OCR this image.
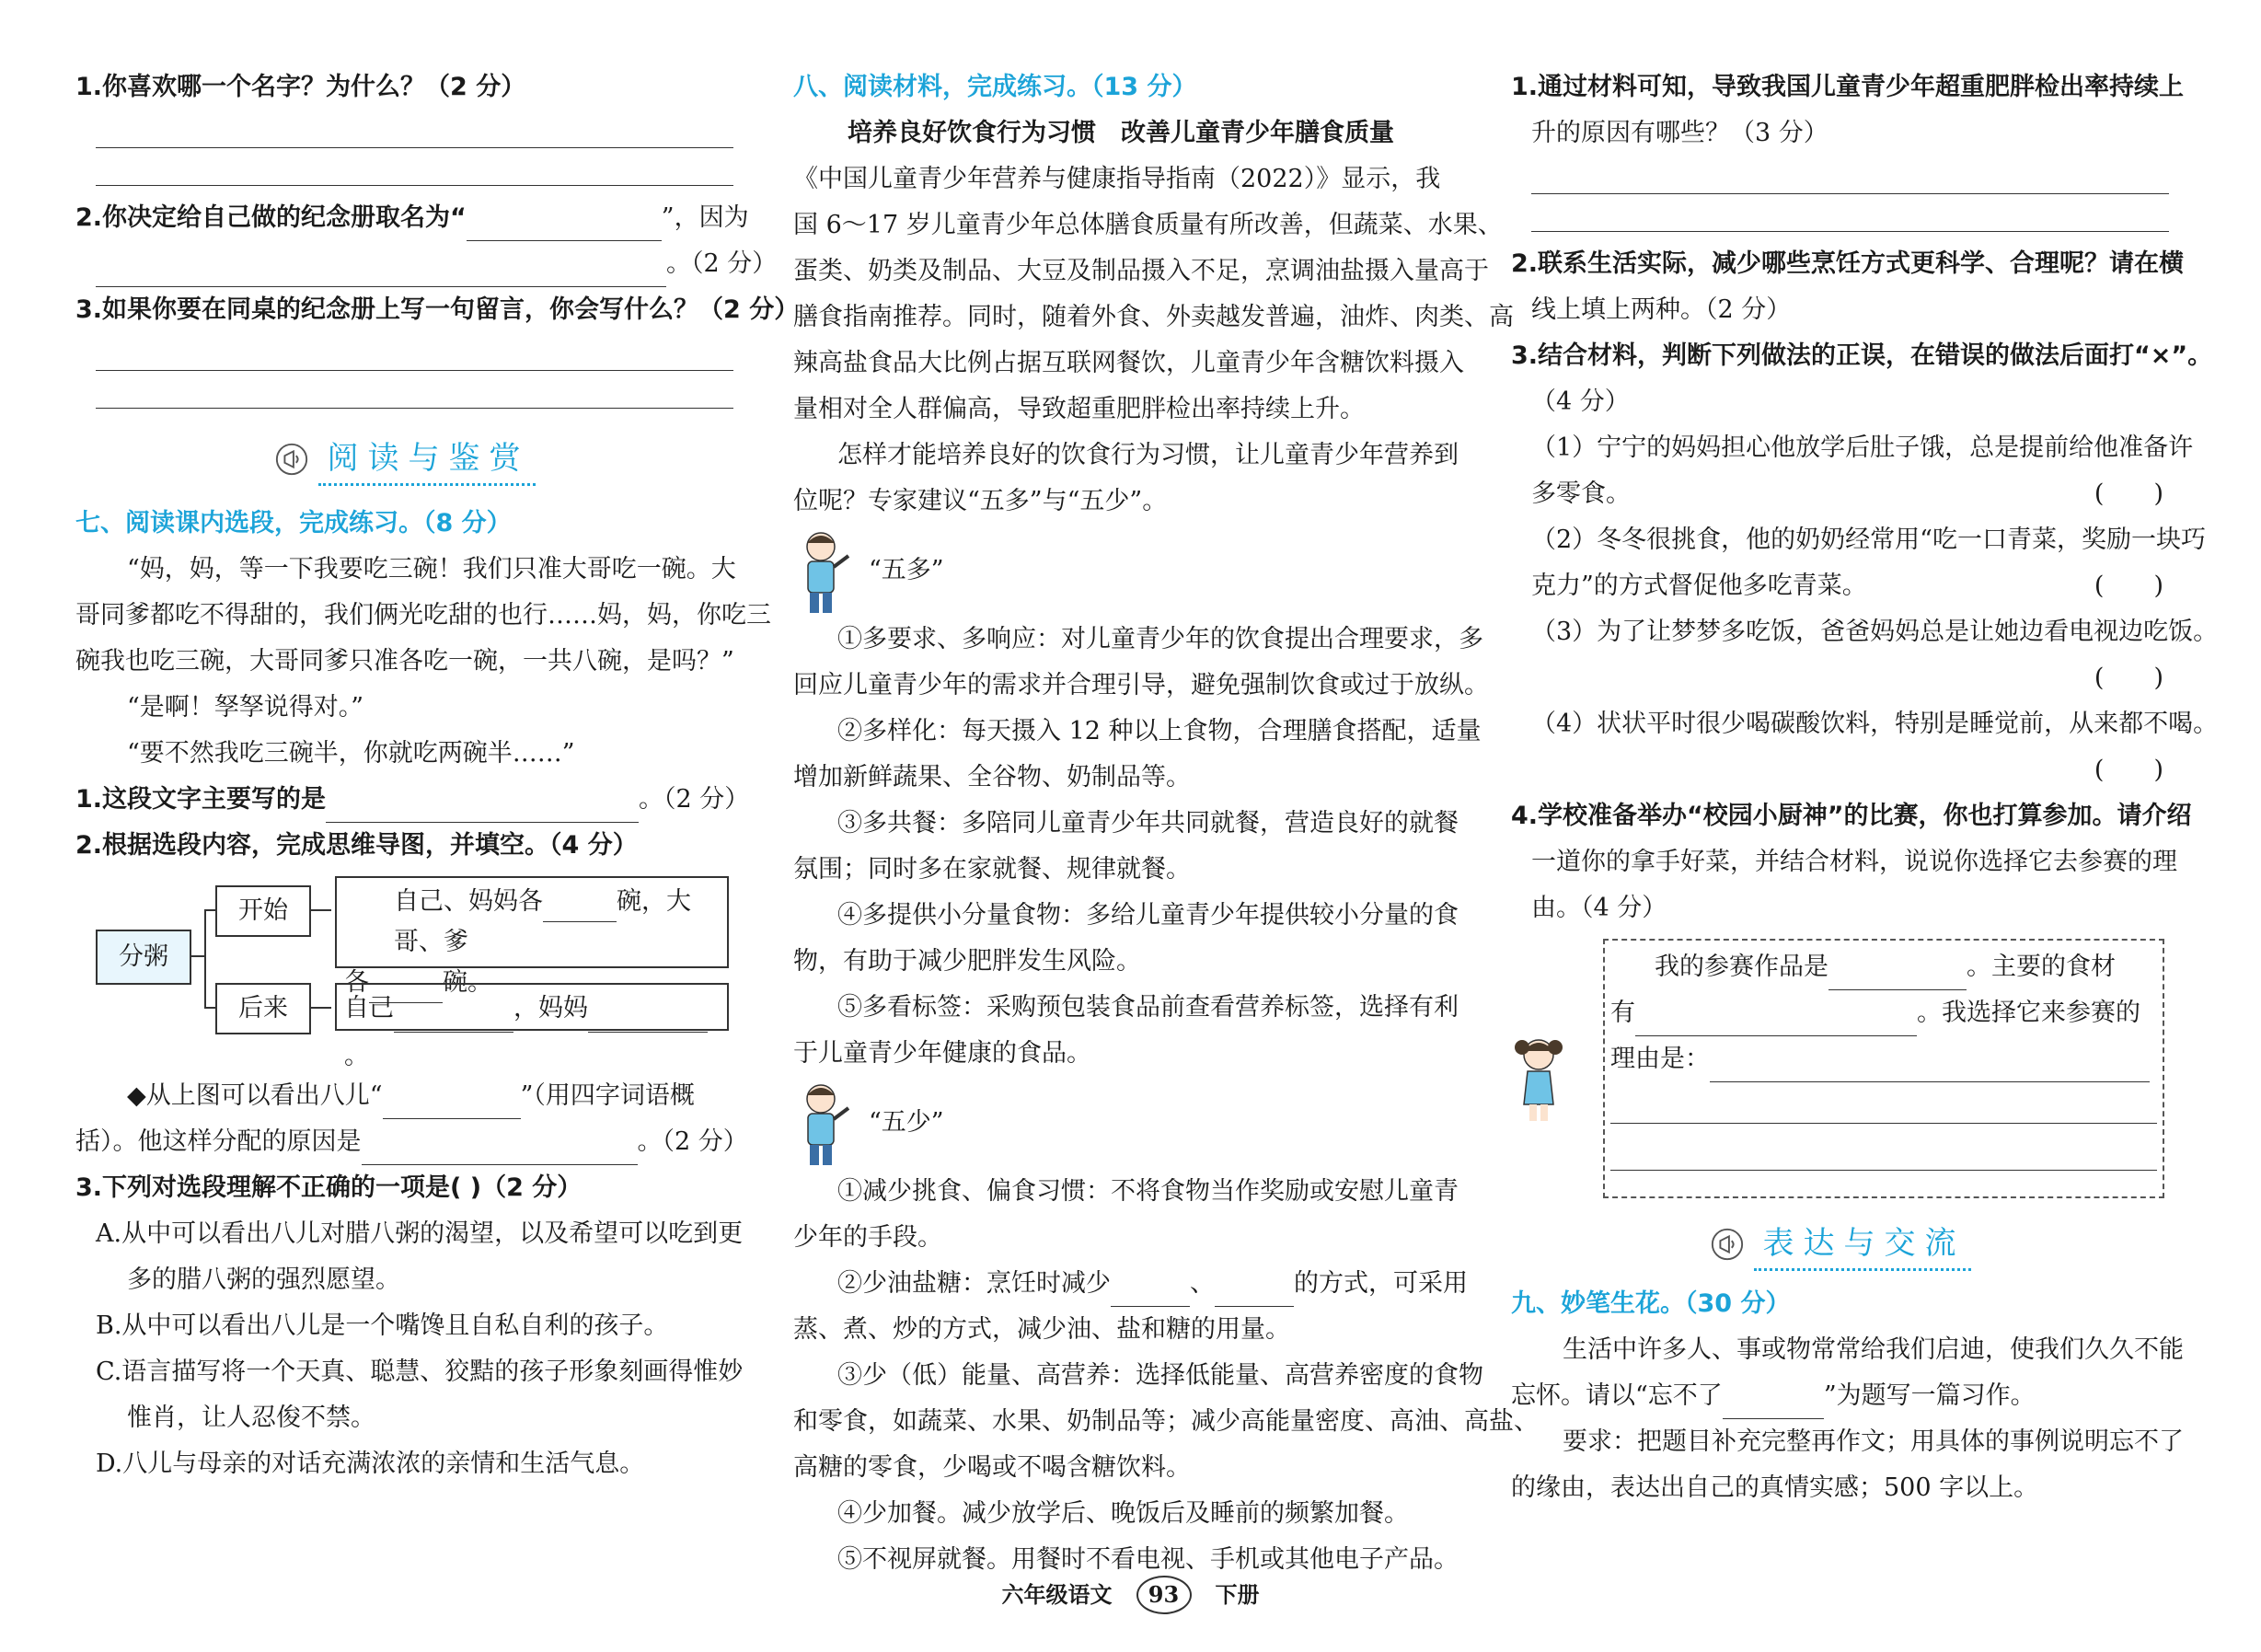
1.你喜欢哪一个名字？为什么？（2 分）
2.你决定给自己做的纪念册取名为“	”，因为
。（2 分）
3.如果你要在同桌的纪念册上写一句留言，你会写什么？（2 分）
阅读与鉴赏
七、阅读课内选段，完成练习。（8 分）
“妈，妈，等一下我要吃三碗！我们只准大哥吃一碗。大
哥同爹都吃不得甜的，我们俩光吃甜的也行……妈，妈，你吃三
碗我也吃三碗，大哥同爹只准各吃一碗，一共八碗，是吗？”
“是啊！孥孥说得对。”
“要不然我吃三碗半，你就吃两碗半……”
1.这段文字主要写的是	。（2 分）
2.根据选段内容，完成思维导图，并填空。（4 分）
分粥
开始
后来
自己、妈妈各	碗，大哥、爹
各	碗。
自己	，妈妈。
◆从上图可以看出八儿“	”（用四字词语概
括）。他这样分配的原因是	。（2 分）
3.下列对选段理解不正确的一项是( )（2 分）
A.从中可以看出八儿对腊八粥的渴望，以及希望可以吃到更
多的腊八粥的强烈愿望。
B.从中可以看出八儿是一个嘴馋且自私自利的孩子。
C.语言描写将一个天真、聪慧、狡黠的孩子形象刻画得惟妙
惟肖，让人忍俊不禁。
D.八儿与母亲的对话充满浓浓的亲情和生活气息。
八、阅读材料，完成练习。（13 分）
培养良好饮食行为习惯　改善儿童青少年膳食质量
《中国儿童青少年营养与健康指导指南（2022）》显示，我
国 6～17 岁儿童青少年总体膳食质量有所改善，但蔬菜、水果、
蛋类、奶类及制品、大豆及制品摄入不足，烹调油盐摄入量高于
膳食指南推荐。同时，随着外食、外卖越发普遍，油炸、肉类、高
辣高盐食品大比例占据互联网餐饮，儿童青少年含糖饮料摄入
量相对全人群偏高，导致超重肥胖检出率持续上升。
怎样才能培养良好的饮食行为习惯，让儿童青少年营养到
位呢？专家建议“五多”与“五少”。
“五多”
①多要求、多响应：对儿童青少年的饮食提出合理要求，多
回应儿童青少年的需求并合理引导，避免强制饮食或过于放纵。
②多样化：每天摄入 12 种以上食物，合理膳食搭配，适量
增加新鲜蔬果、全谷物、奶制品等。
③多共餐：多陪同儿童青少年共同就餐，营造良好的就餐
氛围；同时多在家就餐、规律就餐。
④多提供小分量食物：多给儿童青少年提供较小分量的食
物，有助于减少肥胖发生风险。
⑤多看标签：采购预包装食品前查看营养标签，选择有利
于儿童青少年健康的食品。
“五少”
①减少挑食、偏食习惯：不将食物当作奖励或安慰儿童青
少年的手段。
②少油盐糖：烹饪时减少	、	的方式，可采用
蒸、煮、炒的方式，减少油、盐和糖的用量。
③少（低）能量、高营养：选择低能量、高营养密度的食物
和零食，如蔬菜、水果、奶制品等；减少高能量密度、高油、高盐、
高糖的零食，少喝或不喝含糖饮料。
④少加餐。减少放学后、晚饭后及睡前的频繁加餐。
⑤不视屏就餐。用餐时不看电视、手机或其他电子产品。
1.通过材料可知，导致我国儿童青少年超重肥胖检出率持续上
升的原因有哪些？（3 分）
2.联系生活实际，减少哪些烹饪方式更科学、合理呢？请在横
线上填上两种。（2 分）
3.结合材料，判断下列做法的正误，在错误的做法后面打“×”。
（4 分）
（1）宁宁的妈妈担心他放学后肚子饿，总是提前给他准备许
多零食。	(　　)
（2）冬冬很挑食，他的奶奶经常用“吃一口青菜，奖励一块巧
克力”的方式督促他多吃青菜。	(　　)
（3）为了让梦梦多吃饭，爸爸妈妈总是让她边看电视边吃饭。
(　　)
（4）状状平时很少喝碳酸饮料，特别是睡觉前，从来都不喝。
(　　)
4.学校准备举办“校园小厨神”的比赛，你也打算参加。请介绍
一道你的拿手好菜，并结合材料，说说你选择它去参赛的理
由。（4 分）
我的参赛作品是	。主要的食材
有	。我选择它来参赛的
理由是：
表达与交流
九、妙笔生花。（30 分）
生活中许多人、事或物常常给我们启迪，使我们久久不能
忘怀。请以“忘不了	”为题写一篇习作。
要求：把题目补充完整再作文；用具体的事例说明忘不了
的缘由，表达出自己的真情实感；500 字以上。
六年级语文 93 下册
